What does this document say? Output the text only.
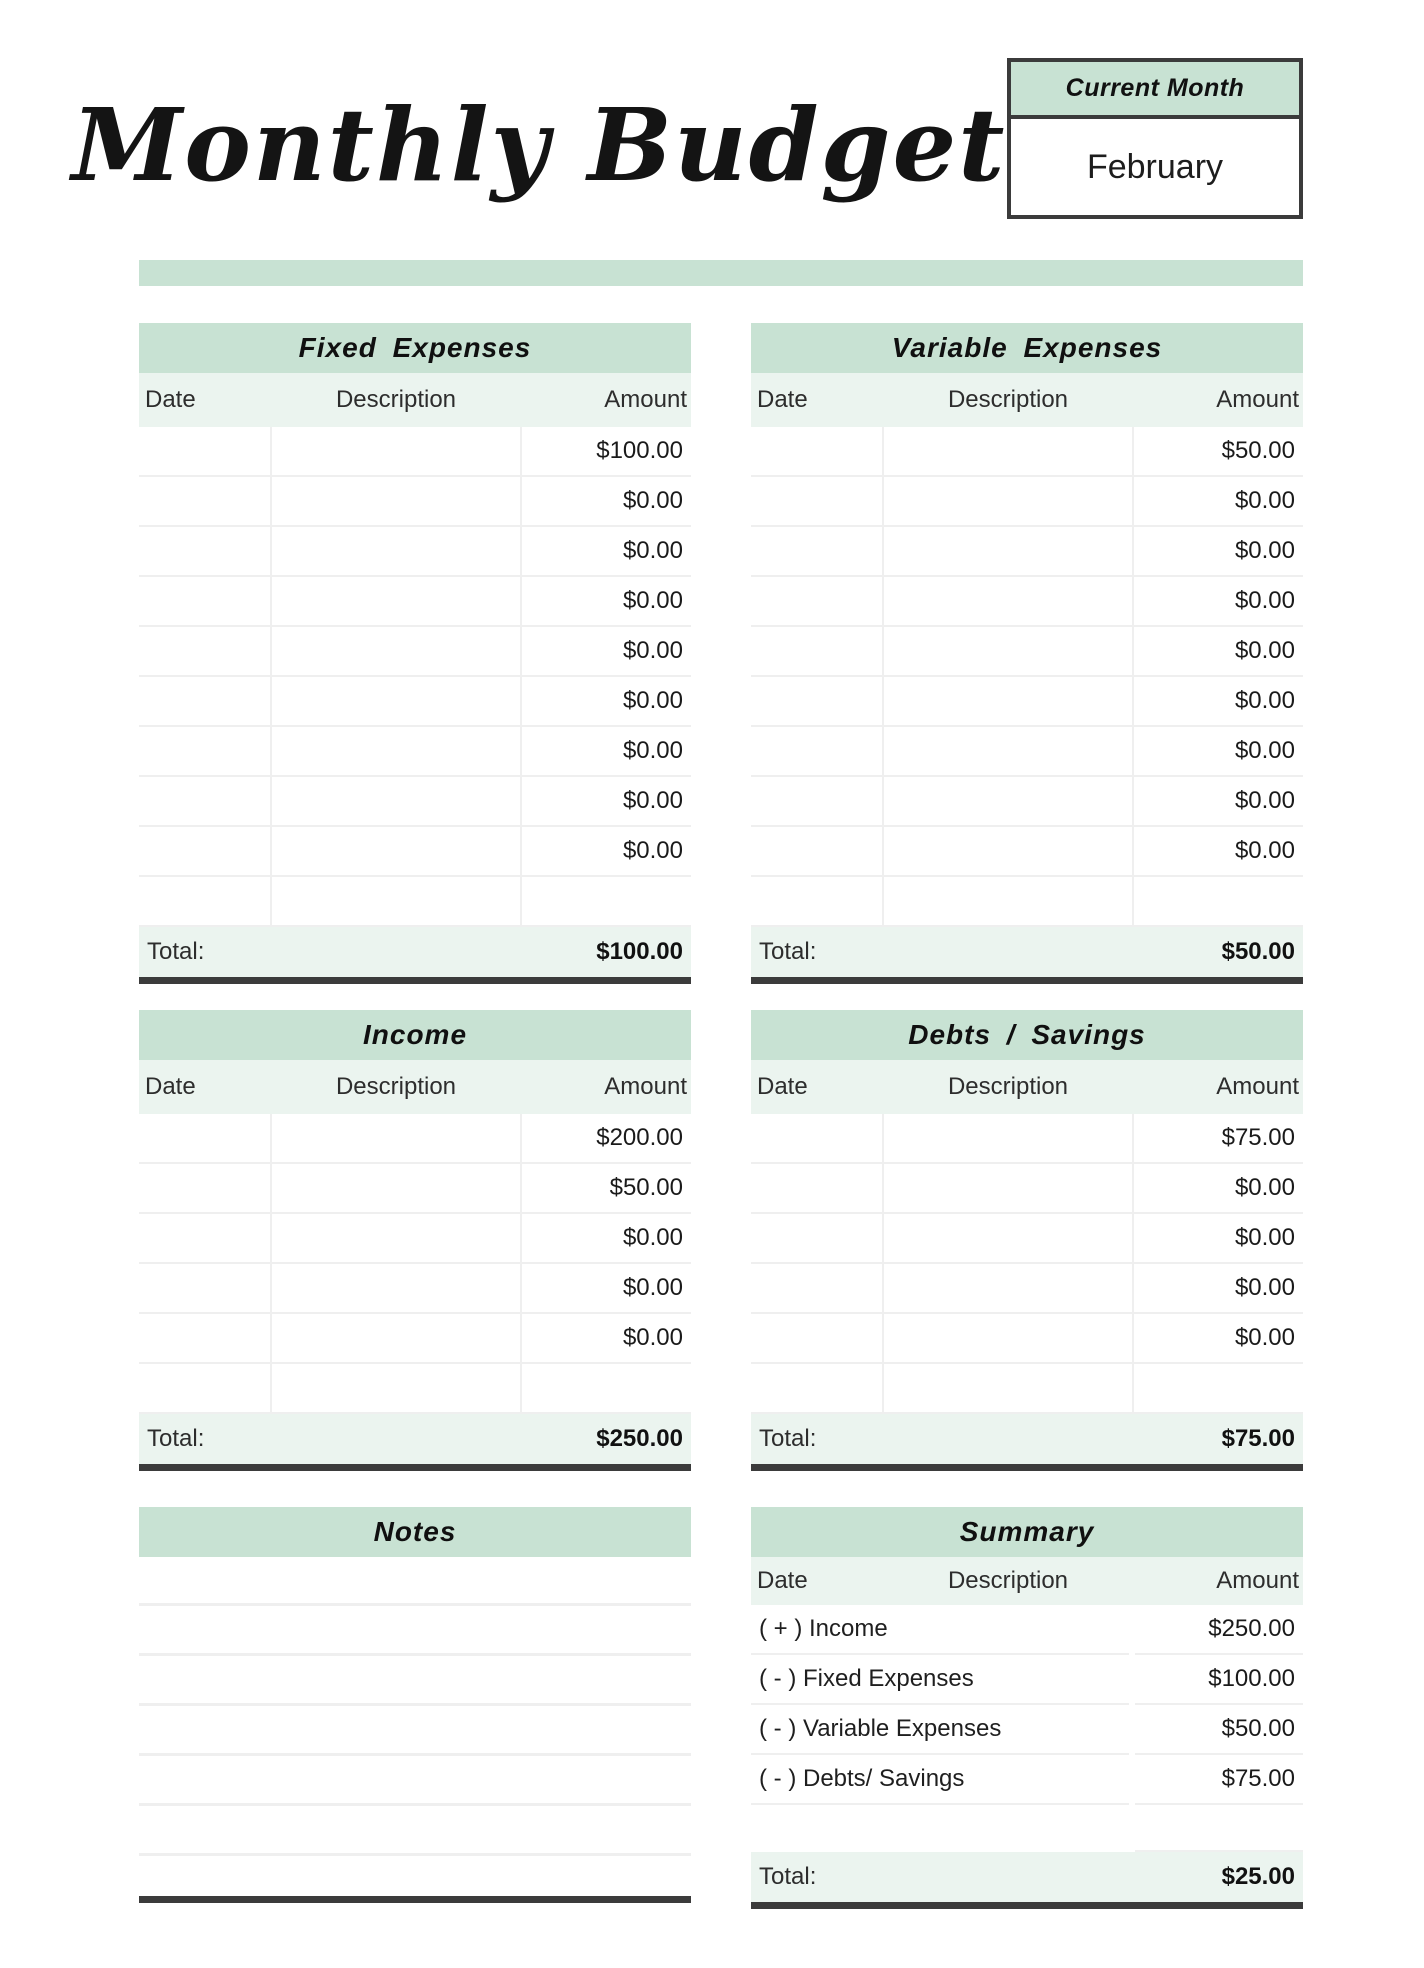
Monthly Budget	Current Month
February
Fixed Expenses
Date	Description	Amount
$100.00
$0.00
$0.00
$0.00
$0.00
$0.00
$0.00
$0.00
$0.00
Total:	$100.00
Variable Expenses
Date	Description	Amount
$50.00
$0.00
$0.00
$0.00
$0.00
$0.00
$0.00
$0.00
$0.00
Total:	$50.00
Income
Date	Description	Amount
$200.00
$50.00
$0.00
$0.00
$0.00
Total:	$250.00
Debts / Savings
Date	Description	Amount
$75.00
$0.00
$0.00
$0.00
$0.00
Total:	$75.00
Notes	Summary
Date	Description	Amount
( + ) Income	$250.00
( - ) Fixed Expenses	$100.00
( - ) Variable Expenses	$50.00
( - ) Debts/ Savings	$75.00
Total:	$25.00
